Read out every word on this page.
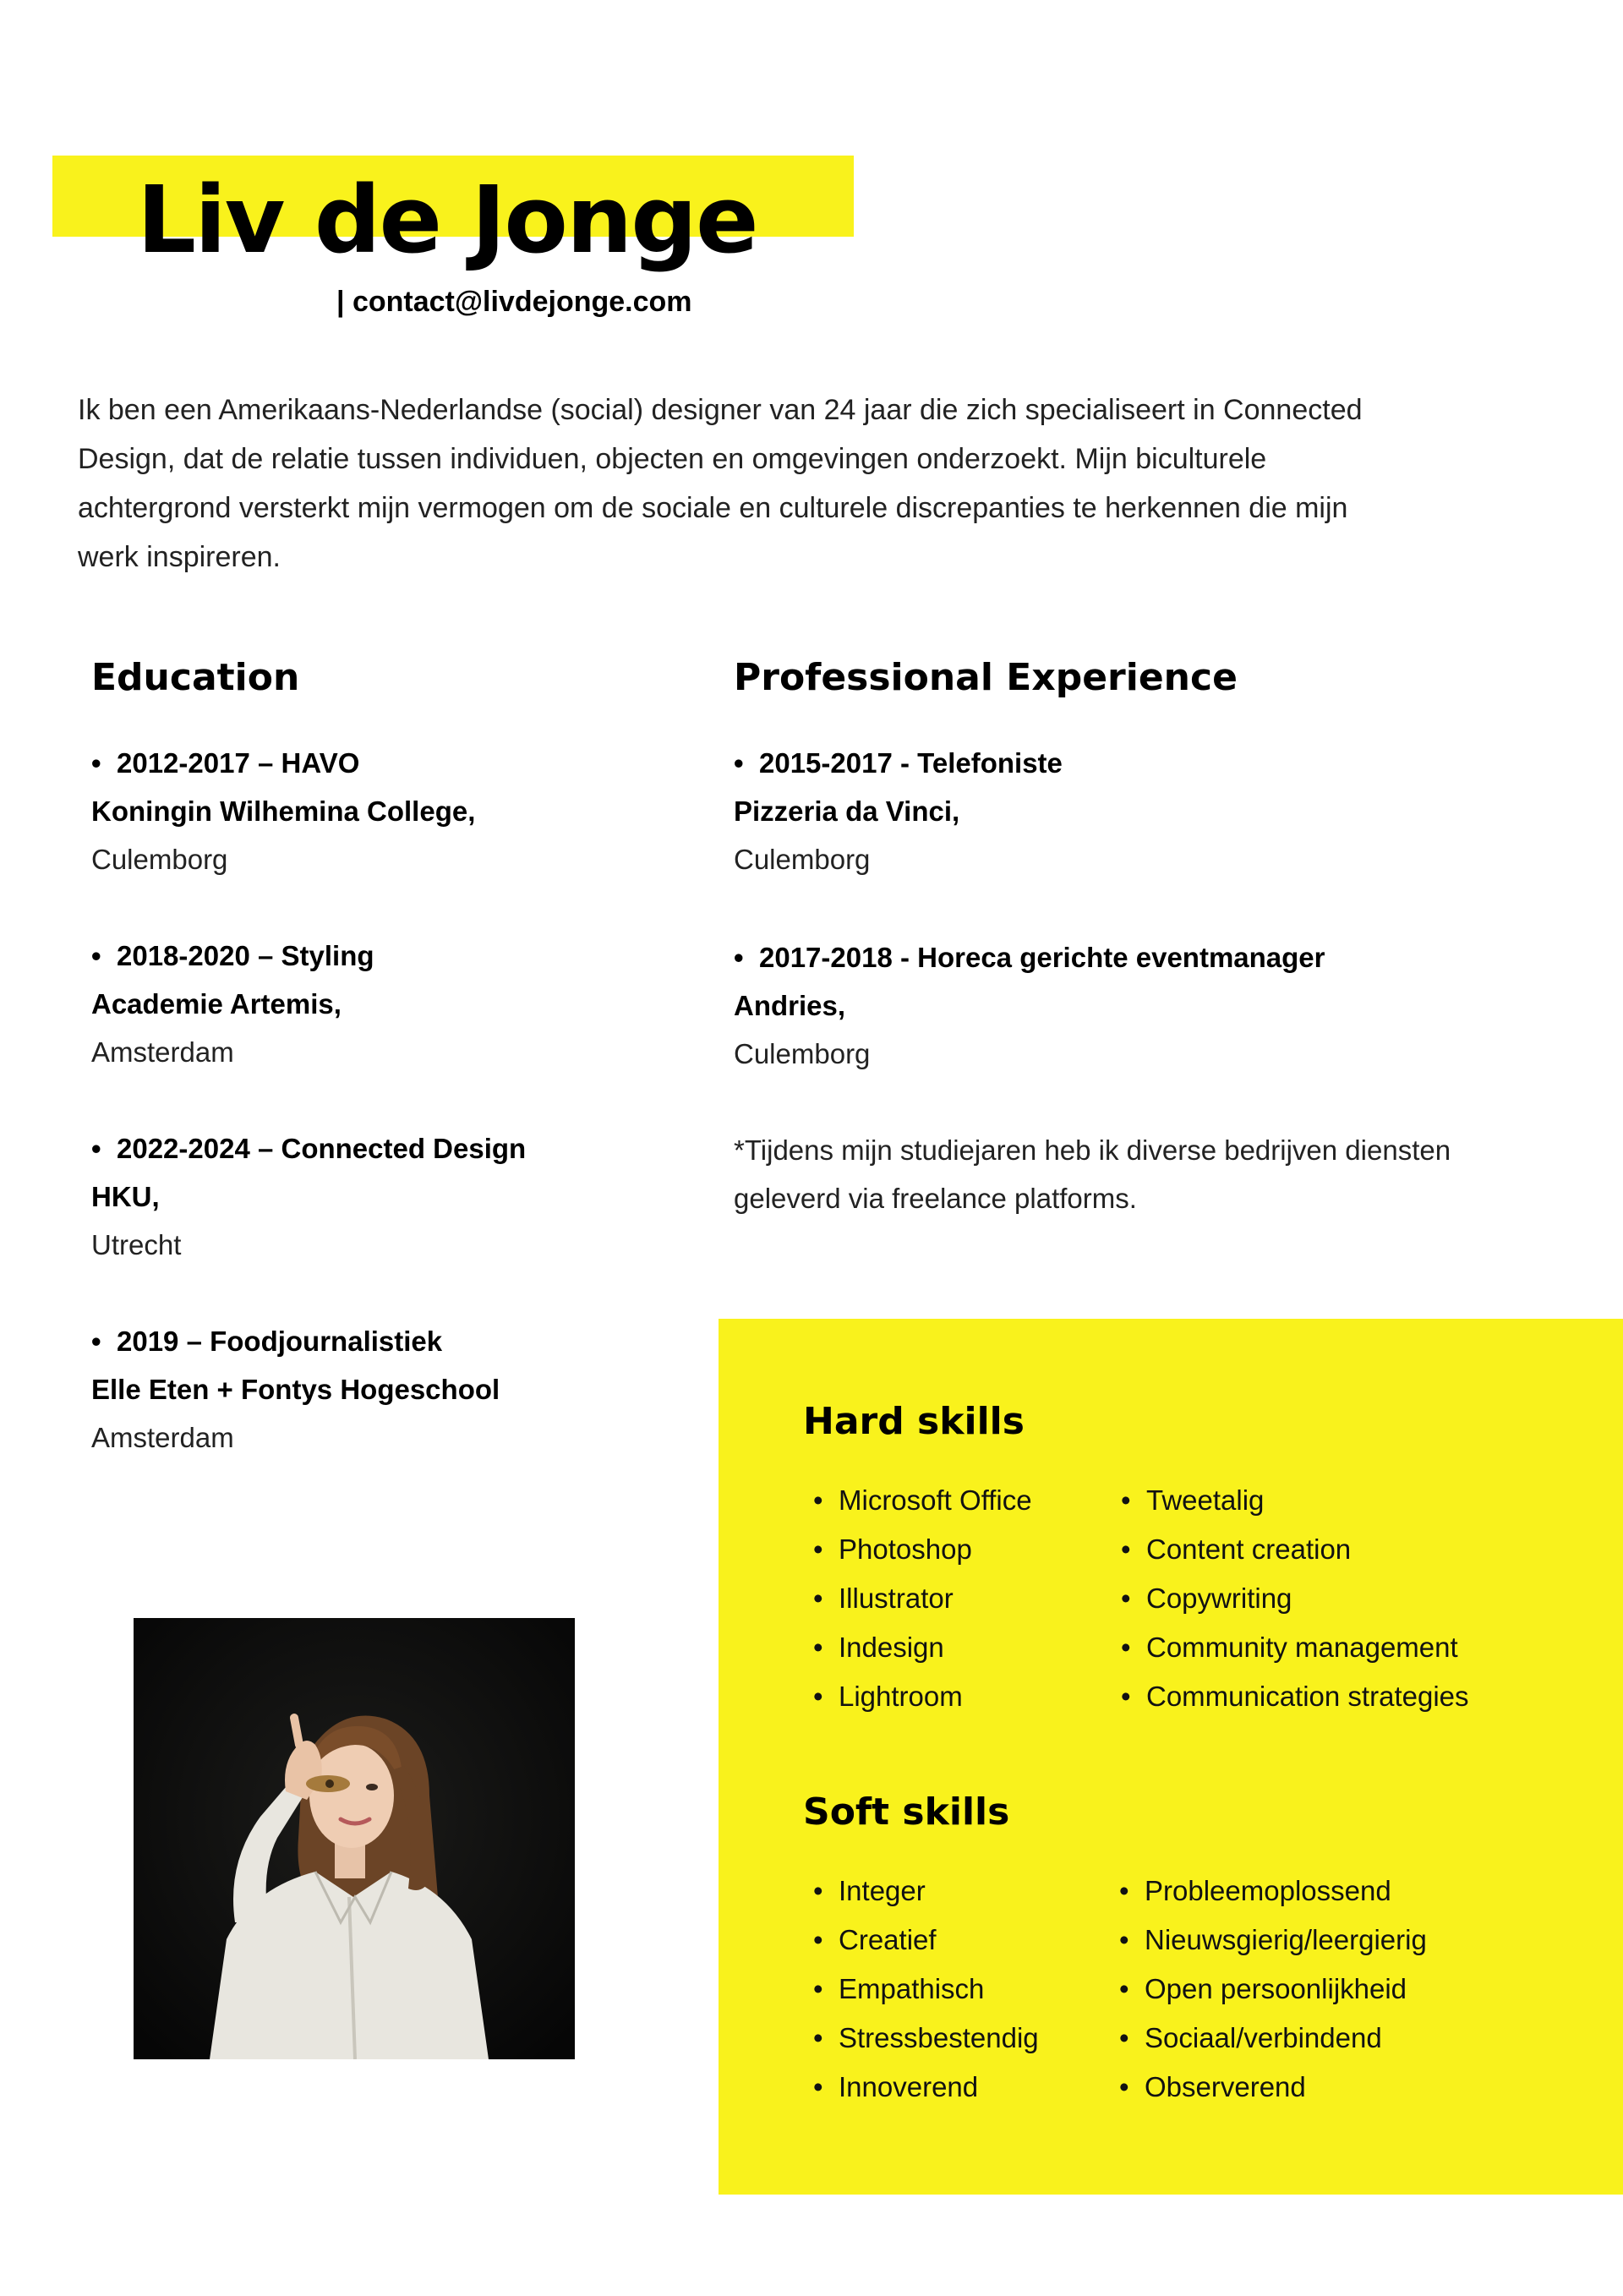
Liv de Jonge
| contact@livdejonge.com

Ik ben een Amerikaans-Nederlandse (social) designer van 24 jaar die zich specialiseert in Connected Design, dat de relatie tussen individuen, objecten en omgevingen onderzoekt. Mijn biculturele achtergrond versterkt mijn vermogen om de sociale en culturele discrepanties te herkennen die mijn werk inspireren.

Education
• 2012-2017 – HAVO
Koningin Wilhemina College,
Culemborg
• 2018-2020 – Styling
Academie Artemis,
Amsterdam
• 2022-2024 – Connected Design
HKU,
Utrecht
• 2019 – Foodjournalistiek
Elle Eten + Fontys Hogeschool
Amsterdam
Professional Experience
• 2015-2017 - Telefoniste
Pizzeria da Vinci,
Culemborg
• 2017-2018 - Horeca gerichte eventmanager
Andries,
Culemborg

*Tijdens mijn studiejaren heb ik diverse bedrijven diensten geleverd via freelance platforms.

Hard skills
• Microsoft Office
• Photoshop
• Illustrator
• Indesign
• Lightroom
• Tweetalig
• Content creation
• Copywriting
• Community management
• Communication strategies
Soft skills
• Integer
• Creatief
• Empathisch
• Stressbestendig
• Innoverend
• Probleemoplossend
• Nieuwsgierig/leergierig
• Open persoonlijkheid
• Sociaal/verbindend
• Observerend
